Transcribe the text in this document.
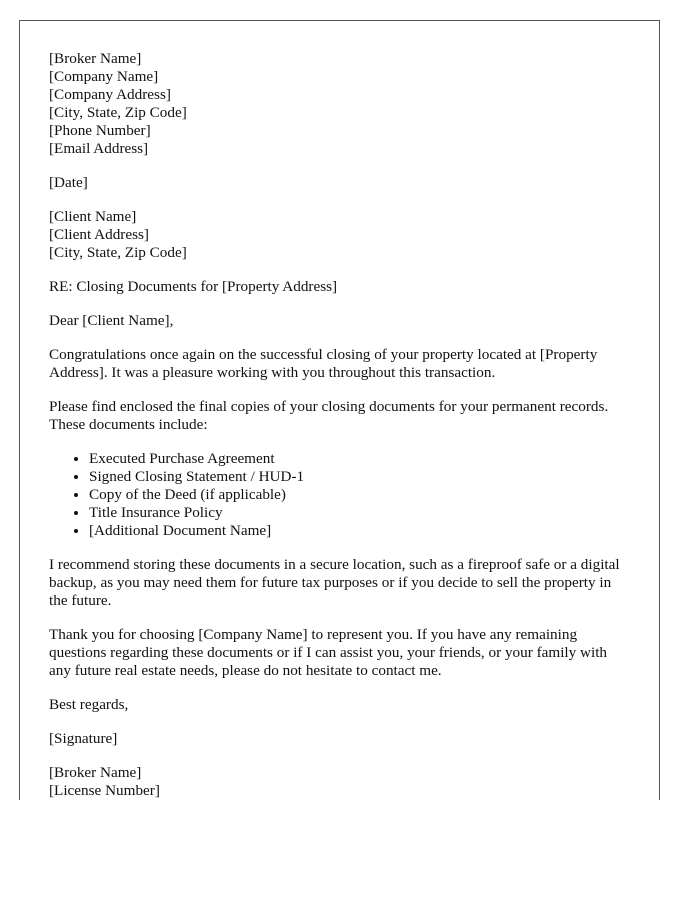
[Broker Name]
[Company Name]
[Company Address]
[City, State, Zip Code]
[Phone Number]
[Email Address]

[Date]

[Client Name]
[Client Address]
[City, State, Zip Code]

RE: Closing Documents for [Property Address]

Dear [Client Name],

Congratulations once again on the successful closing of your property located at [Property Address]. It was a pleasure working with you throughout this transaction.

Please find enclosed the final copies of your closing documents for your permanent records. These documents include:

• Executed Purchase Agreement
• Signed Closing Statement / HUD-1
• Copy of the Deed (if applicable)
• Title Insurance Policy
• [Additional Document Name]

I recommend storing these documents in a secure location, such as a fireproof safe or a digital backup, as you may need them for future tax purposes or if you decide to sell the property in the future.

Thank you for choosing [Company Name] to represent you. If you have any remaining questions regarding these documents or if I can assist you, your friends, or your family with any future real estate needs, please do not hesitate to contact me.

Best regards,

[Signature]

[Broker Name]
[License Number]
